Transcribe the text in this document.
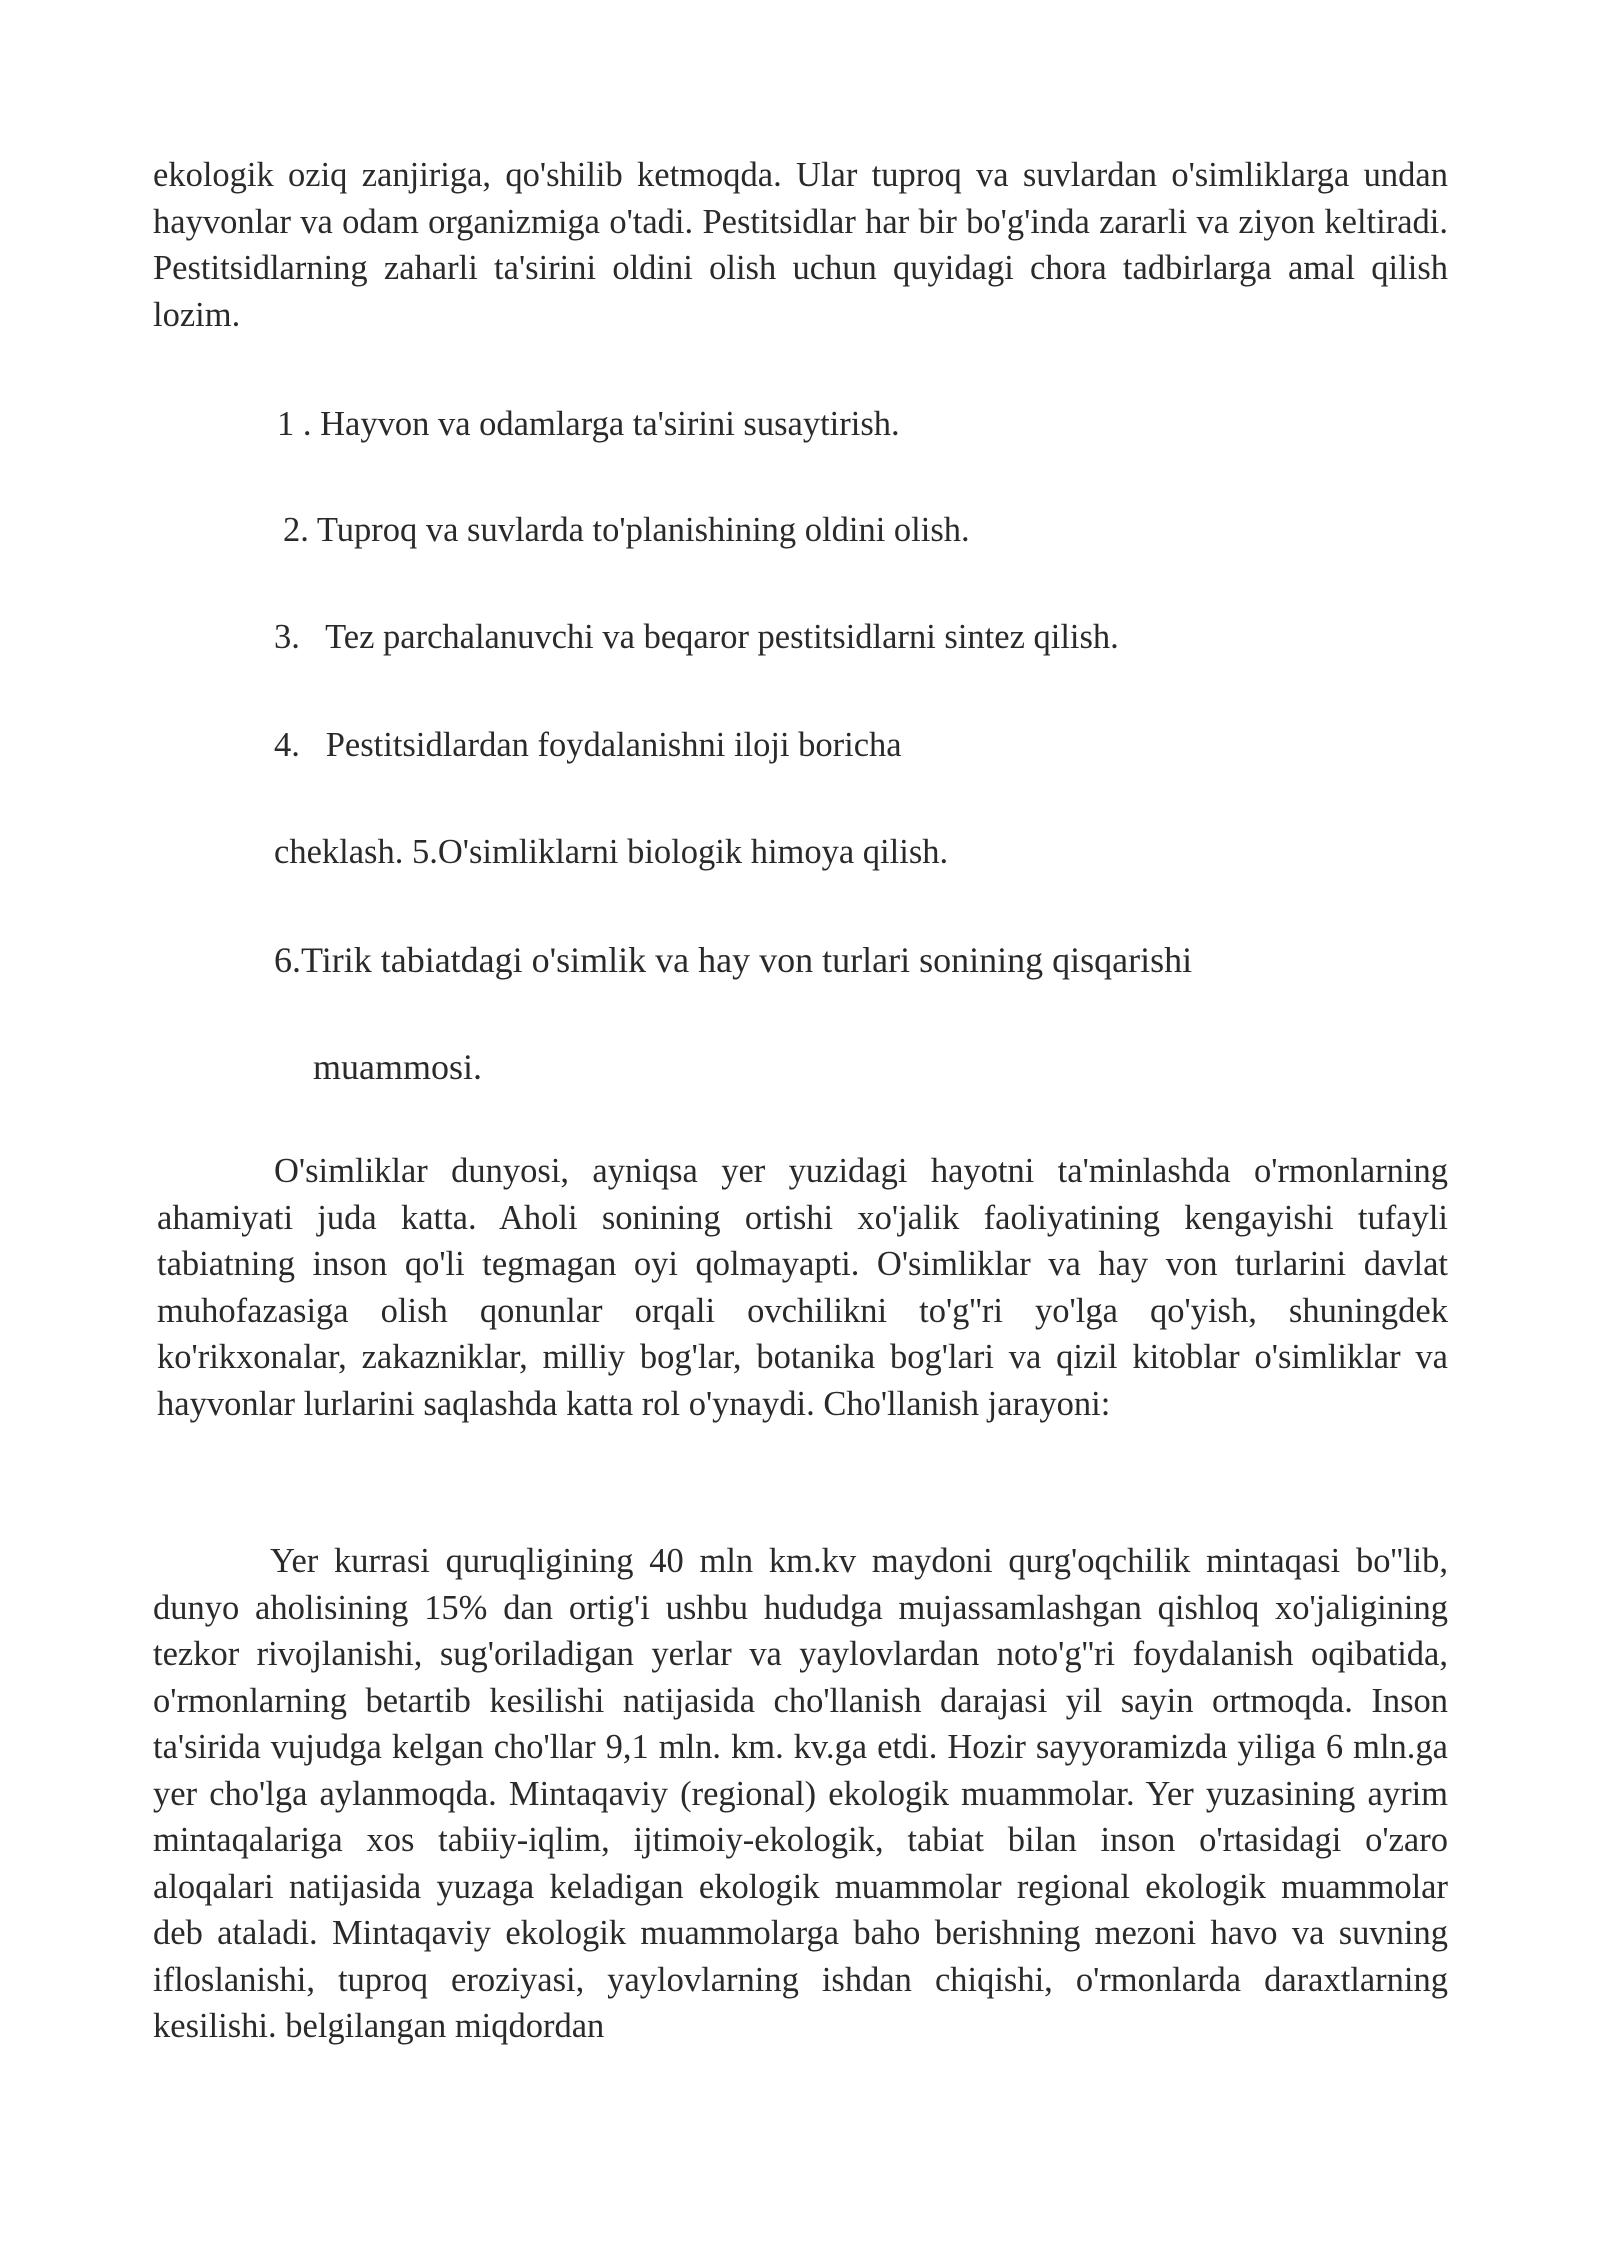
ekologik oziq zanjiriga, qo'shilib ketmoqda. Ular tuproq va suvlardan o'simliklarga undan hayvonlar va odam organizmiga o'tadi. Pestitsidlar har bir bo'g'inda zararli va ziyon keltiradi. Pestitsidlarning zaharli ta'sirini oldini olish uchun quyidagi chora tadbirlarga amal qilish lozim.

1 . Hayvon va odamlarga ta'sirini susaytirish.

2. Tuproq va suvlarda to'planishining oldini olish.

3.   Tez parchalanuvchi va beqaror pestitsidlarni sintez qilish.

4.   Pestitsidlardan foydalanishni iloji boricha

cheklash. 5.O'simliklarni biologik himoya qilish.

6.Tirik tabiatdagi o'simlik va hay von turlari sonining qisqarishi

muammosi.

O'simliklar dunyosi, ayniqsa yer yuzidagi hayotni ta'minlashda o'rmonlarning ahamiyati juda katta. Aholi sonining ortishi xo'jalik faoliyatining kengayishi tufayli tabiatning inson qo'li tegmagan oyi qolmayapti. O'simliklar va hay von turlarini davlat muhofazasiga olish qonunlar orqali ovchilikni to'g''ri yo'lga qo'yish, shuningdek ko'rikxonalar, zakazniklar, milliy bog'lar, botanika bog'lari va qizil kitoblar o'simliklar va hayvonlar lurlarini saqlashda katta rol o'ynaydi. Cho'llanish jarayoni:

Yer kurrasi quruqligining 40 mln km.kv maydoni qurg'oqchilik mintaqasi bo''lib, dunyo aholisining 15% dan ortig'i ushbu hududga mujassamlashgan qishloq xo'jaligining tezkor rivojlanishi, sug'oriladigan yerlar va yaylovlardan noto'g''ri foydalanish oqibatida, o'rmonlarning betartib kesilishi natijasida cho'llanish darajasi yil sayin ortmoqda. Inson ta'sirida vujudga kelgan cho'llar 9,1 mln. km. kv.ga etdi. Hozir sayyoramizda yiliga 6 mln.ga yer cho'lga aylanmoqda. Mintaqaviy (regional) ekologik muammolar. Yer yuzasining ayrim mintaqalariga xos tabiiy-iqlim, ijtimoiy-ekologik, tabiat bilan inson o'rtasidagi o'zaro aloqalari natijasida yuzaga keladigan ekologik muammolar regional ekologik muammolar deb ataladi. Mintaqaviy ekologik muammolarga baho berishning mezoni havo va suvning ifloslanishi, tuproq eroziyasi, yaylovlarning ishdan chiqishi, o'rmonlarda daraxtlarning kesilishi. belgilangan miqdordan
